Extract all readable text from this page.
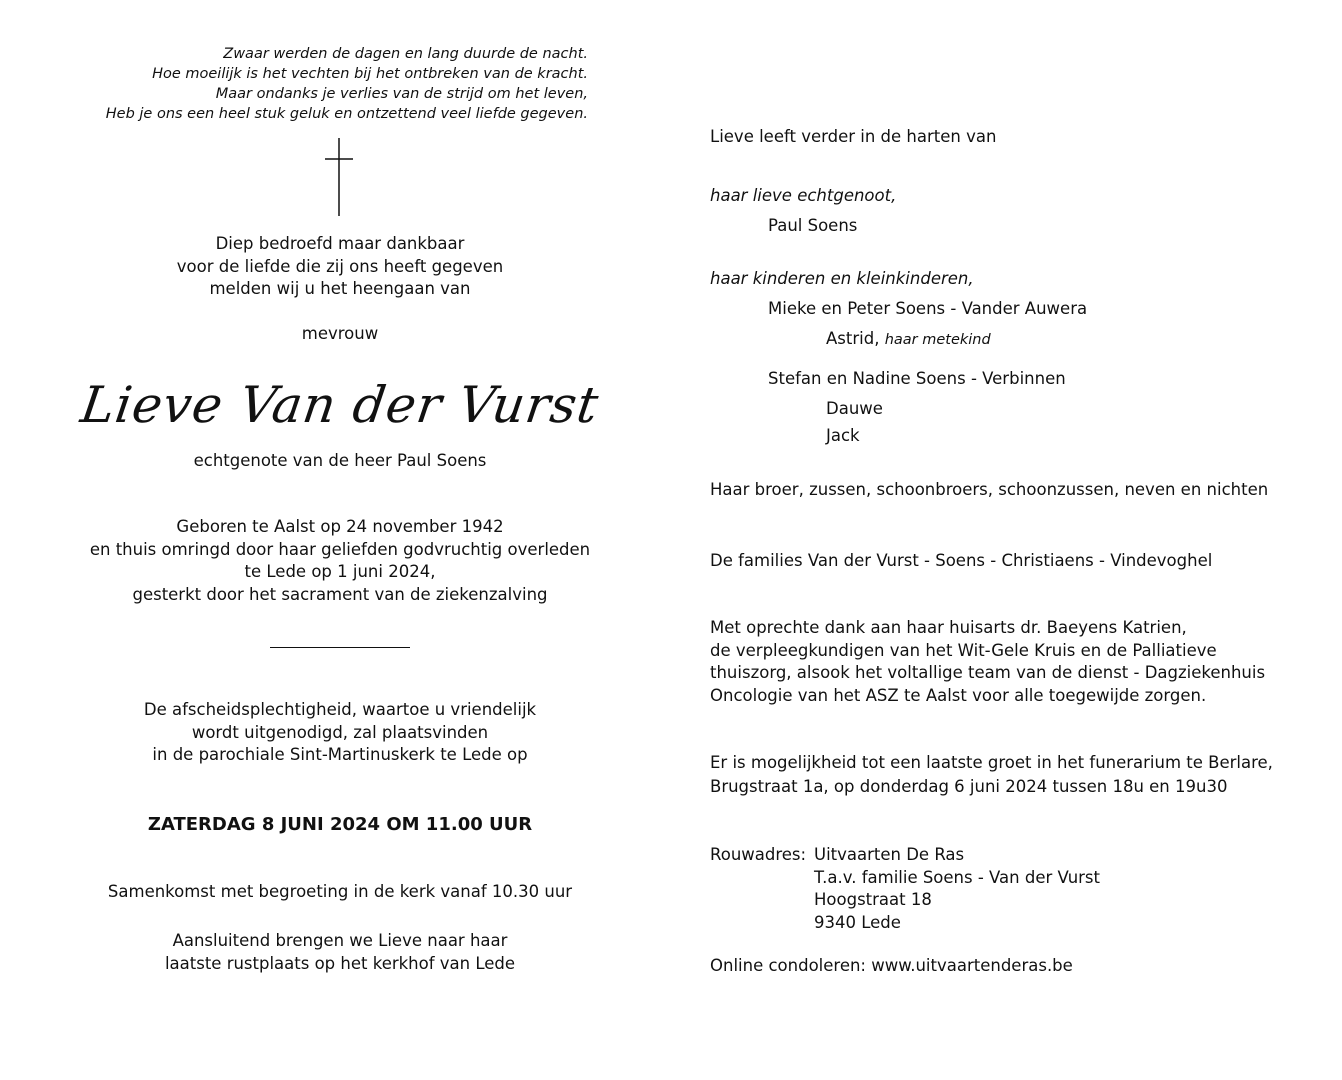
Zwaar werden de dagen en lang duurde de nacht.
Hoe moeilijk is het vechten bij het ontbreken van de kracht.
Maar ondanks je verlies van de strijd om het leven,
Heb je ons een heel stuk geluk en ontzettend veel liefde gegeven.
Diep bedroefd maar dankbaar
voor de liefde die zij ons heeft gegeven
melden wij u het heengaan van
mevrouw
Lieve Van der Vurst
echtgenote van de heer Paul Soens
Geboren te Aalst op 24 november 1942
en thuis omringd door haar geliefden godvruchtig overleden
te Lede op 1 juni 2024,
gesterkt door het sacrament van de ziekenzalving
De afscheidsplechtigheid, waartoe u vriendelijk
wordt uitgenodigd, zal plaatsvinden
in de parochiale Sint-Martinuskerk te Lede op
ZATERDAG 8 JUNI 2024 OM 11.00 UUR
Samenkomst met begroeting in de kerk vanaf 10.30 uur
Aansluitend brengen we Lieve naar haar
laatste rustplaats op het kerkhof van Lede
Lieve leeft verder in de harten van
haar lieve echtgenoot,
Paul Soens
haar kinderen en kleinkinderen,
Mieke en Peter Soens - Vander Auwera
Astrid, haar metekind
Stefan en Nadine Soens - Verbinnen
Dauwe
Jack
Haar broer, zussen, schoonbroers, schoonzussen, neven en nichten
De families Van der Vurst - Soens - Christiaens - Vindevoghel
Met oprechte dank aan haar huisarts dr. Baeyens Katrien,
de verpleegkundigen van het Wit-Gele Kruis en de Palliatieve
thuiszorg, alsook het voltallige team van de dienst - Dagziekenhuis
Oncologie van het ASZ te Aalst voor alle toegewijde zorgen.
Er is mogelijkheid tot een laatste groet in het funerarium te Berlare,
Brugstraat 1a, op donderdag 6 juni 2024 tussen 18u en 19u30
Rouwadres: Uitvaarten De Ras
T.a.v. familie Soens - Van der Vurst
Hoogstraat 18
9340 Lede
Online condoleren: www.uitvaartenderas.be
